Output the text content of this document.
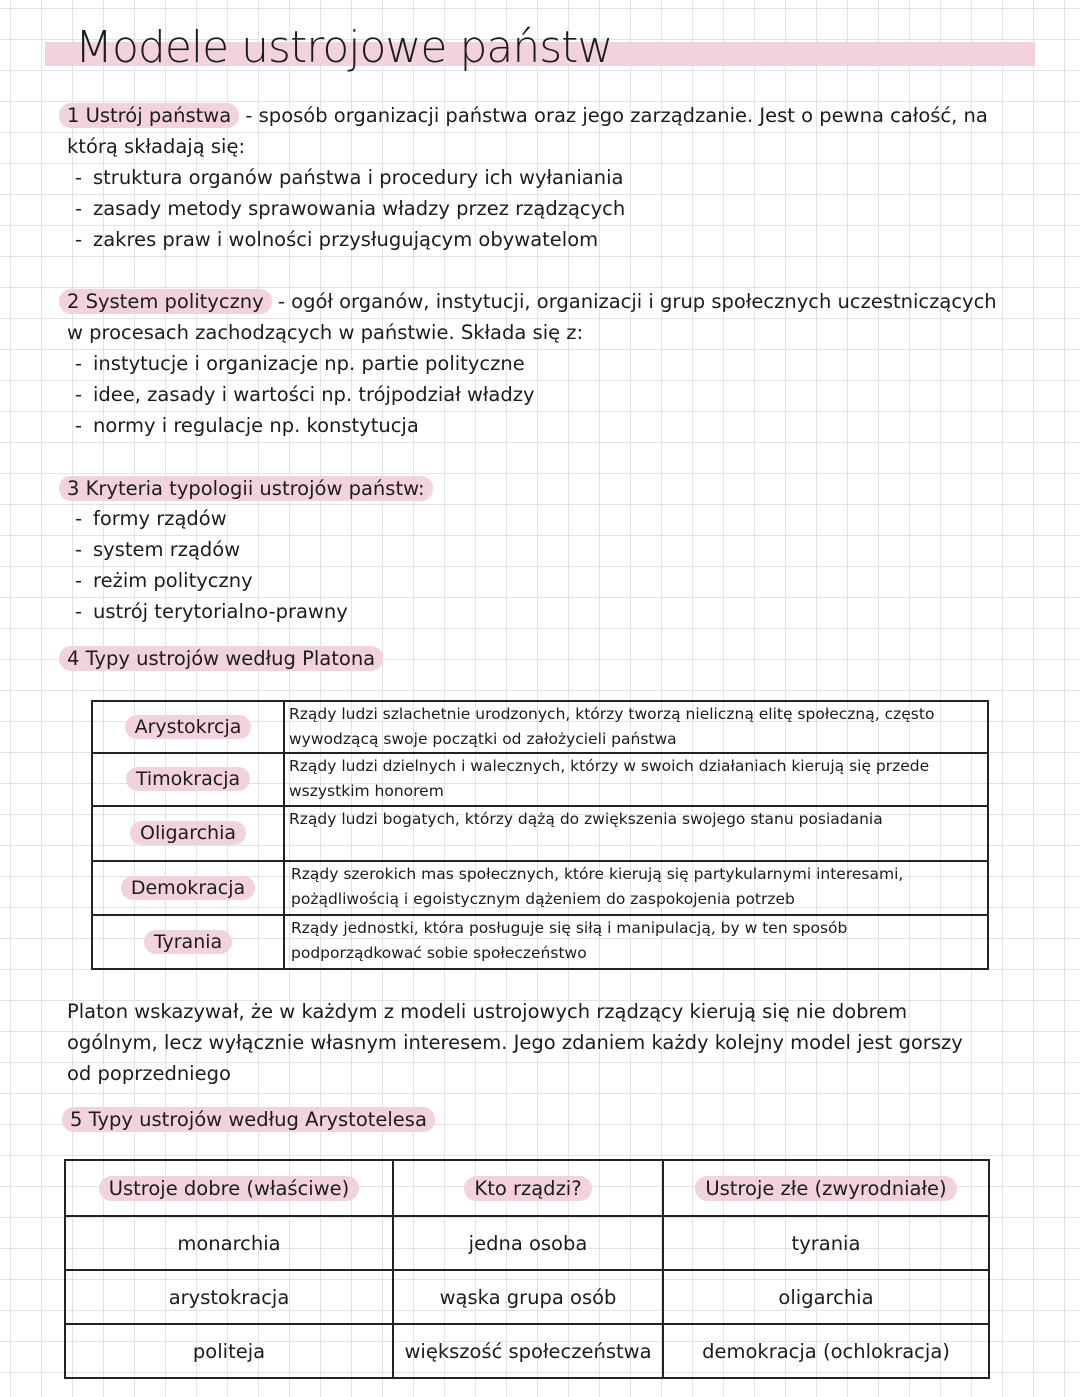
Modele ustrojowe państw
1 Ustrój państwa - sposób organizacji państwa oraz jego zarządzanie. Jest o pewna całość, na
którą składają się:
- struktura organów państwa i procedury ich wyłaniania
- zasady metody sprawowania władzy przez rządzących
- zakres praw i wolności przysługującym obywatelom
2 System polityczny - ogół organów, instytucji, organizacji i grup społecznych uczestniczących
w procesach zachodzących w państwie. Składa się z:
- instytucje i organizacje np. partie polityczne
- idee, zasady i wartości np. trójpodział władzy
- normy i regulacje np. konstytucja
3 Kryteria typologii ustrojów państw:
- formy rządów
- system rządów
- reżim polityczny
- ustrój terytorialno-prawny
4 Typy ustrojów według Platona
Arystokrcja	Rządy ludzi szlachetnie urodzonych, którzy tworzą nieliczną elitę społeczną, często
wywodzącą swoje początki od założycieli państwa

Timokracja	Rządy ludzi dzielnych i walecznych, którzy w swoich działaniach kierują się przede
wszystkim honorem

Oligarchia	Rządy ludzi bogatych, którzy dążą do zwiększenia swojego stanu posiadania

Demokracja	Rządy szerokich mas społecznych, które kierują się partykularnymi interesami,
pożądliwością i egoistycznym dążeniem do zaspokojenia potrzeb

Tyrania	Rządy jednostki, która posługuje się siłą i manipulacją, by w ten sposób
podporządkować sobie społeczeństwo
Platon wskazywał, że w każdym z modeli ustrojowych rządzący kierują się nie dobrem
ogólnym, lecz wyłącznie własnym interesem. Jego zdaniem każdy kolejny model jest gorszy
od poprzedniego
5 Typy ustrojów według Arystotelesa
Ustroje dobre (właściwe)	Kto rządzi?	Ustroje złe (zwyrodniałe)
monarchia	jedna osoba	tyrania
arystokracja	wąska grupa osób	oligarchia
politeja	większość społeczeństwa	demokracja (ochlokracja)
